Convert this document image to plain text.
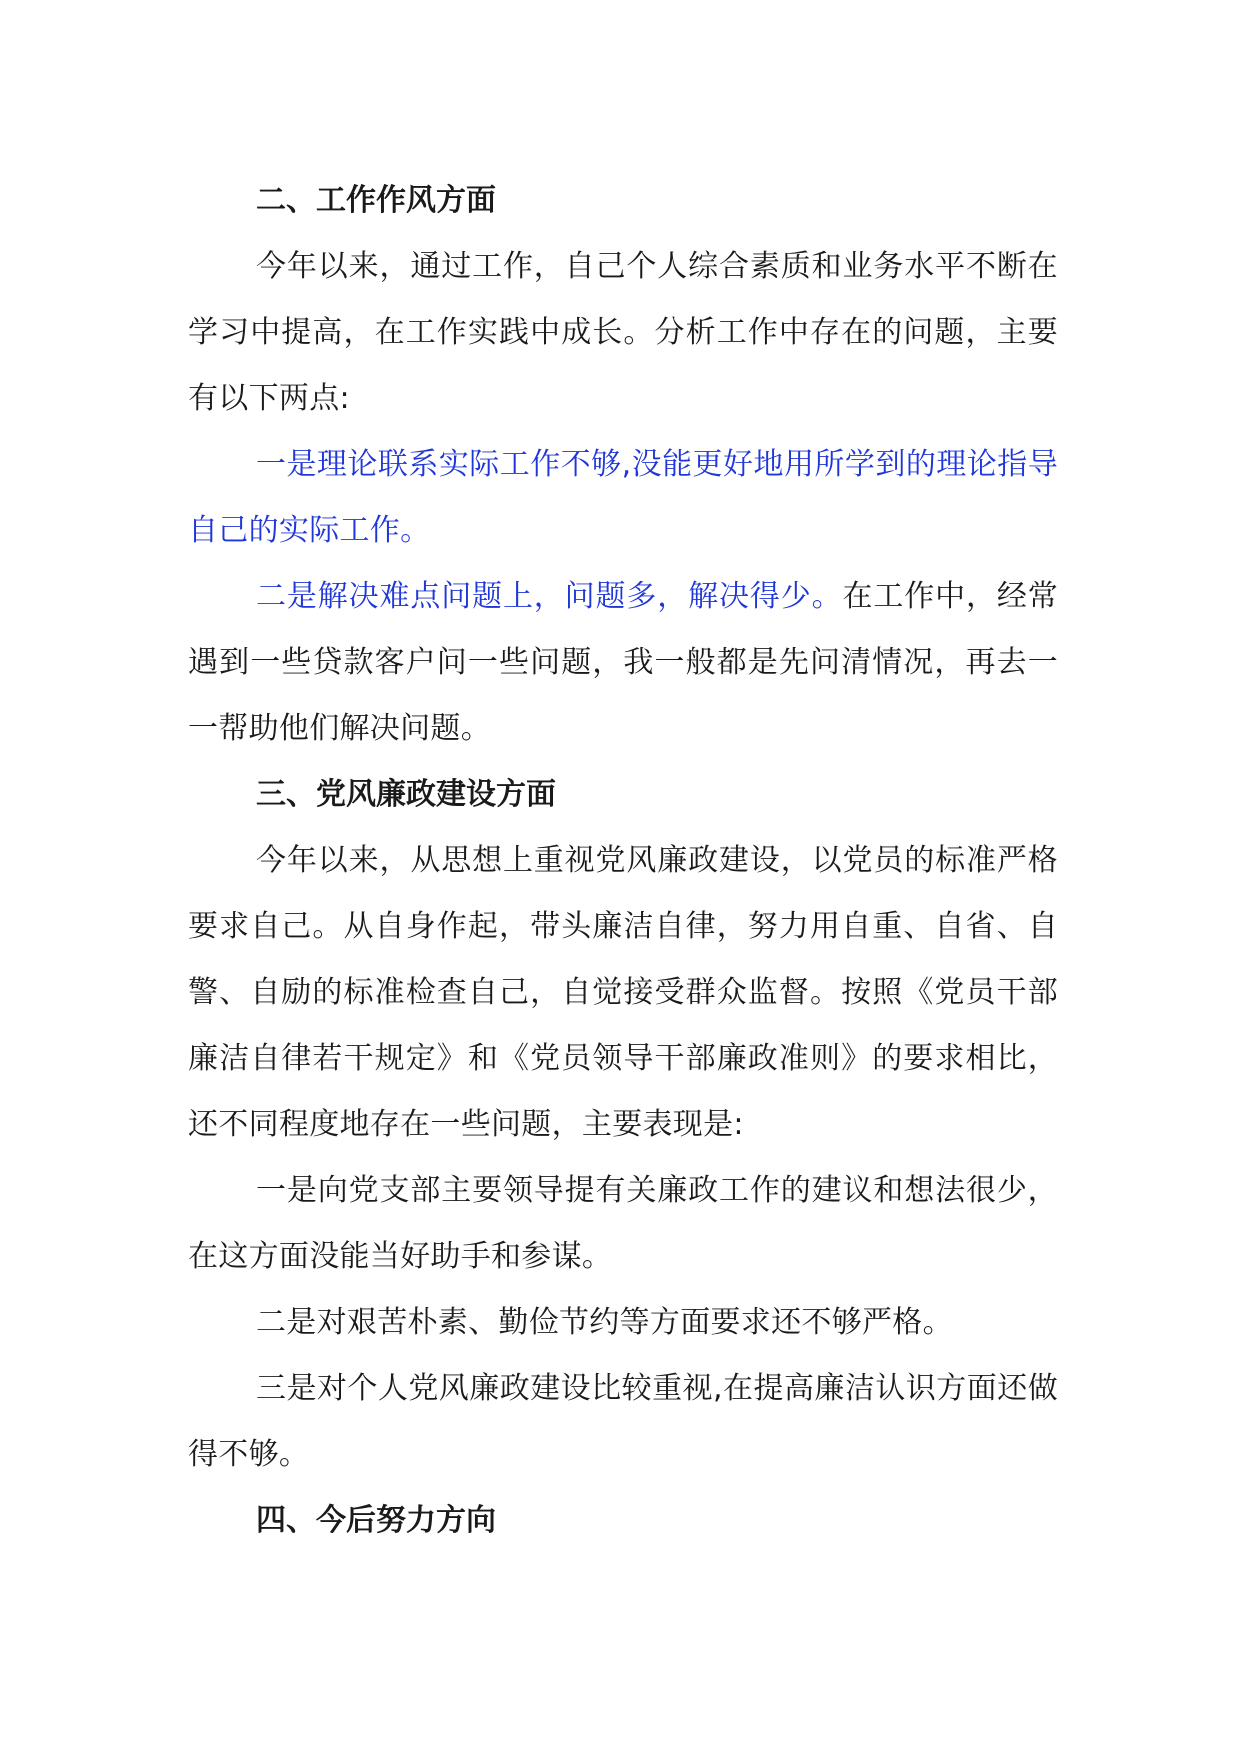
二、工作作风方面

今年以来，通过工作，自己个人综合素质和业务水平不断在学习中提高，在工作实践中成长。分析工作中存在的问题，主要有以下两点:

一是理论联系实际工作不够,没能更好地用所学到的理论指导自己的实际工作。

二是解决难点问题上，问题多，解决得少。在工作中，经常遇到一些贷款客户问一些问题，我一般都是先问清情况，再去一一帮助他们解决问题。

三、党风廉政建设方面

今年以来，从思想上重视党风廉政建设，以党员的标准严格要求自己。从自身作起，带头廉洁自律，努力用自重、自省、自警、自励的标准检查自己，自觉接受群众监督。按照《党员干部廉洁自律若干规定》和《党员领导干部廉政准则》的要求相比，还不同程度地存在一些问题，主要表现是:

一是向党支部主要领导提有关廉政工作的建议和想法很少，在这方面没能当好助手和参谋。

二是对艰苦朴素、勤俭节约等方面要求还不够严格。

三是对个人党风廉政建设比较重视,在提高廉洁认识方面还做得不够。

四、今后努力方向
